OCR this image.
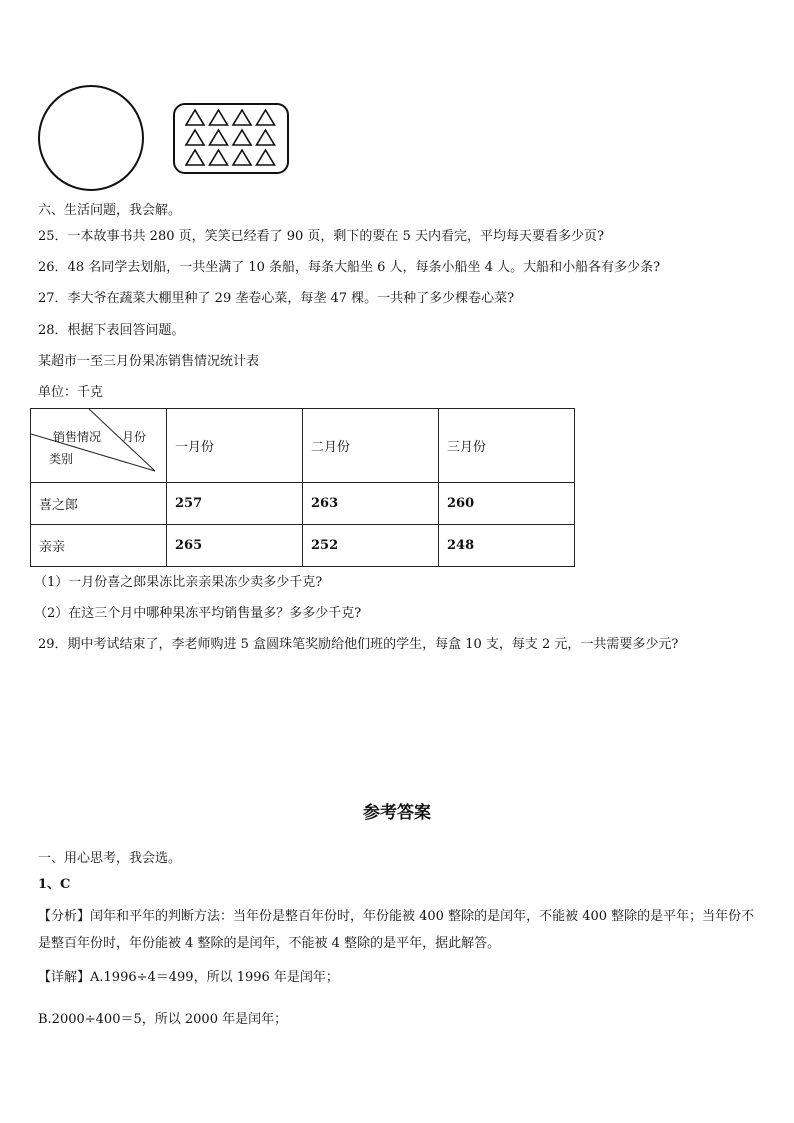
六、生活问题，我会解。
25．一本故事书共 280 页，笑笑已经看了 90 页，剩下的要在 5 天内看完，平均每天要看多少页?
26．48 名同学去划船，一共坐满了 10 条船，每条大船坐 6 人，每条小船坐 4 人。大船和小船各有多少条?
27．李大爷在蔬菜大棚里种了 29 垄卷心菜，每垄 47 棵。一共种了多少棵卷心菜?
28．根据下表回答问题。
某超市一至三月份果冻销售情况统计表
单位：千克
销售情况 月份
类别	一月份	二月份	三月份
喜之郎	257	263	260
亲亲	265	252	248
（1）一月份喜之郎果冻比亲亲果冻少卖多少千克?
（2）在这三个月中哪种果冻平均销售量多？多多少千克?
29．期中考试结束了，李老师购进 5 盒圆珠笔奖励给他们班的学生，每盒 10 支，每支 2 元，一共需要多少元?
参考答案
一、用心思考，我会选。
1、C
【分析】闰年和平年的判断方法：当年份是整百年份时，年份能被 400 整除的是闰年，不能被 400 整除的是平年；当年份不是整百年份时，年份能被 4 整除的是闰年，不能被 4 整除的是平年，据此解答。
【详解】A.1996÷4＝499，所以 1996 年是闰年；
B.2000÷400＝5，所以 2000 年是闰年；
